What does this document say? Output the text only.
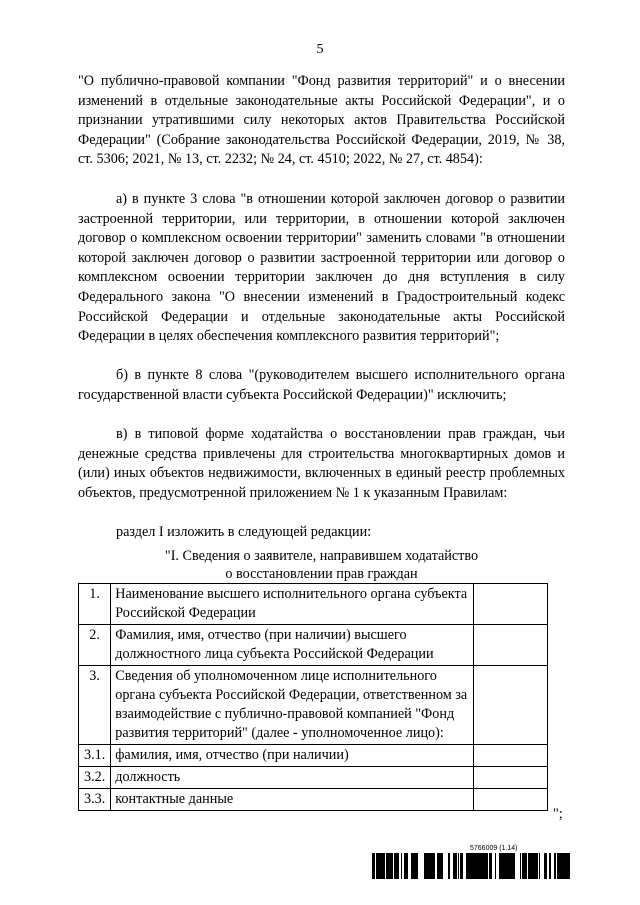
5

"О публично-правовой компании "Фонд развития территорий" и о внесении изменений в отдельные законодательные акты Российской Федерации", и о признании утратившими силу некоторых актов Правительства Российской Федерации" (Собрание законодательства Российской Федерации, 2019, № 38, ст. 5306; 2021, № 13, ст. 2232; № 24, ст. 4510; 2022, № 27, ст. 4854):

а) в пункте 3 слова "в отношении которой заключен договор о развитии застроенной территории, или территории, в отношении которой заключен договор о комплексном освоении территории" заменить словами "в отношении которой заключен договор о развитии застроенной территории или договор о комплексном освоении территории заключен до дня вступления в силу Федерального закона "О внесении изменений в Градостроительный кодекс Российской Федерации и отдельные законодательные акты Российской Федерации в целях обеспечения комплексного развития территорий";

б) в пункте 8 слова "(руководителем высшего исполнительного органа государственной власти субъекта Российской Федерации)" исключить;

в) в типовой форме ходатайства о восстановлении прав граждан, чьи денежные средства привлечены для строительства многоквартирных домов и (или) иных объектов недвижимости, включенных в единый реестр проблемных объектов, предусмотренной приложением № 1 к указанным Правилам:

раздел I изложить в следующей редакции:

"I. Сведения о заявителе, направившем ходатайство
о восстановлении прав граждан
1.	Наименование высшего исполнительного органа субъекта Российской Федерации	
2.	Фамилия, имя, отчество (при наличии) высшего должностного лица субъекта Российской Федерации	
3.	Сведения об уполномоченном лице исполнительного органа субъекта Российской Федерации, ответственном за взаимодействие с публично-правовой компанией "Фонд развития территорий" (далее - уполномоченное лицо):	
3.1.	фамилия, имя, отчество (при наличии)	
3.2.	должность	
3.3.	контактные данные	
";
5766009 (1.14)
